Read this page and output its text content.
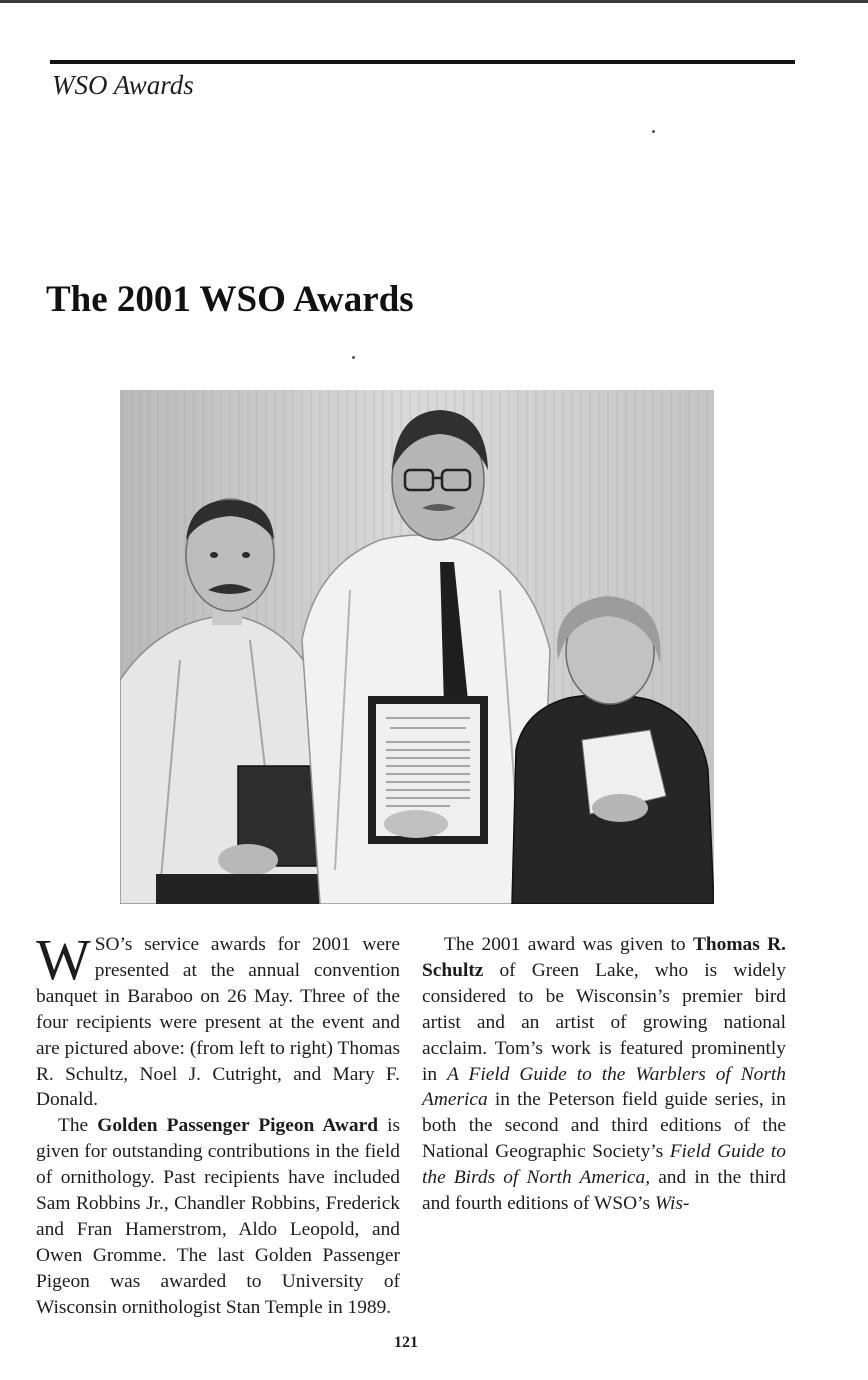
WSO Awards
The 2001 WSO Awards

WSO’s service awards for 2001 were presented at the annual convention banquet in Baraboo on 26 May. Three of the four recipients were present at the event and are pictured above: (from left to right) Thomas R. Schultz, Noel J. Cutright, and Mary F. Donald.

The Golden Passenger Pigeon Award is given for outstanding contributions in the field of ornithology. Past recipients have included Sam Robbins Jr., Chandler Robbins, Frederick and Fran Hamerstrom, Aldo Leopold, and Owen Gromme. The last Golden Passenger Pigeon was awarded to University of Wisconsin ornithologist Stan Temple in 1989.

The 2001 award was given to Thomas R. Schultz of Green Lake, who is widely considered to be Wisconsin’s premier bird artist and an artist of growing national acclaim. Tom’s work is featured prominently in A Field Guide to the Warblers of North America in the Peterson field guide series, in both the second and third editions of the National Geographic Society’s Field Guide to the Birds of North America, and in the third and fourth editions of WSO’s Wis-

121
